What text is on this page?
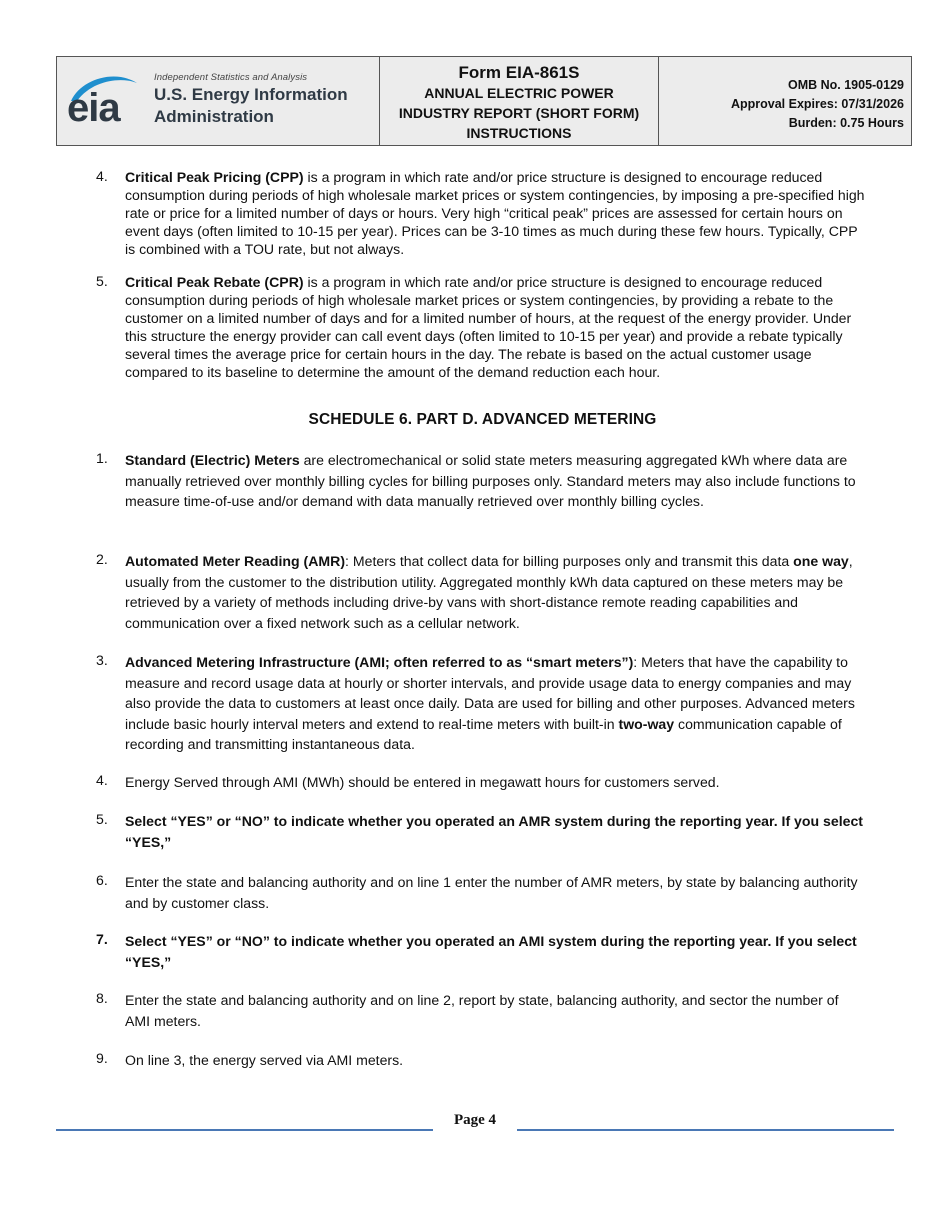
eia
Independent Statistics and Analysis
U.S. Energy Information
Administration
Form EIA-861S
ANNUAL ELECTRIC POWER
INDUSTRY REPORT (SHORT FORM)
INSTRUCTIONS
OMB No. 1905-0129
Approval Expires: 07/31/2026
Burden: 0.75 Hours
4.	Critical Peak Pricing (CPP) is a program in which rate and/or price structure is designed to encourage reduced consumption during periods of high wholesale market prices or system contingencies, by imposing a pre-specified high rate or price for a limited number of days or hours. Very high “critical peak” prices are assessed for certain hours on event days (often limited to 10-15 per year). Prices can be 3-10 times as much during these few hours. Typically, CPP is combined with a TOU rate, but not always.
5.	Critical Peak Rebate (CPR) is a program in which rate and/or price structure is designed to encourage reduced consumption during periods of high wholesale market prices or system contingencies, by providing a rebate to the customer on a limited number of days and for a limited number of hours, at the request of the energy provider. Under this structure the energy provider can call event days (often limited to 10-15 per year) and provide a rebate typically several times the average price for certain hours in the day. The rebate is based on the actual customer usage compared to its baseline to determine the amount of the demand reduction each hour.
SCHEDULE 6. PART D. ADVANCED METERING
1.	Standard (Electric) Meters are electromechanical or solid state meters measuring aggregated kWh where data are manually retrieved over monthly billing cycles for billing purposes only. Standard meters may also include functions to measure time-of-use and/or demand with data manually retrieved over monthly billing cycles.
2.	Automated Meter Reading (AMR): Meters that collect data for billing purposes only and transmit this data one way, usually from the customer to the distribution utility. Aggregated monthly kWh data captured on these meters may be retrieved by a variety of methods including drive-by vans with short-distance remote reading capabilities and communication over a fixed network such as a cellular network.
3.	Advanced Metering Infrastructure (AMI; often referred to as “smart meters”): Meters that have the capability to measure and record usage data at hourly or shorter intervals, and provide usage data to energy companies and may also provide the data to customers at least once daily. Data are used for billing and other purposes. Advanced meters include basic hourly interval meters and extend to real-time meters with built-in two-way communication capable of recording and transmitting instantaneous data.
4.	Energy Served through AMI (MWh) should be entered in megawatt hours for customers served.
5.	Select “YES” or “NO” to indicate whether you operated an AMR system during the reporting year. If you select “YES,”
6.	Enter the state and balancing authority and on line 1 enter the number of AMR meters, by state by balancing authority and by customer class.
7.	Select “YES” or “NO” to indicate whether you operated an AMI system during the reporting year. If you select “YES,”
8.	Enter the state and balancing authority and on line 2, report by state, balancing authority, and sector the number of AMI meters.
9.	On line 3, the energy served via AMI meters.
Page 4
